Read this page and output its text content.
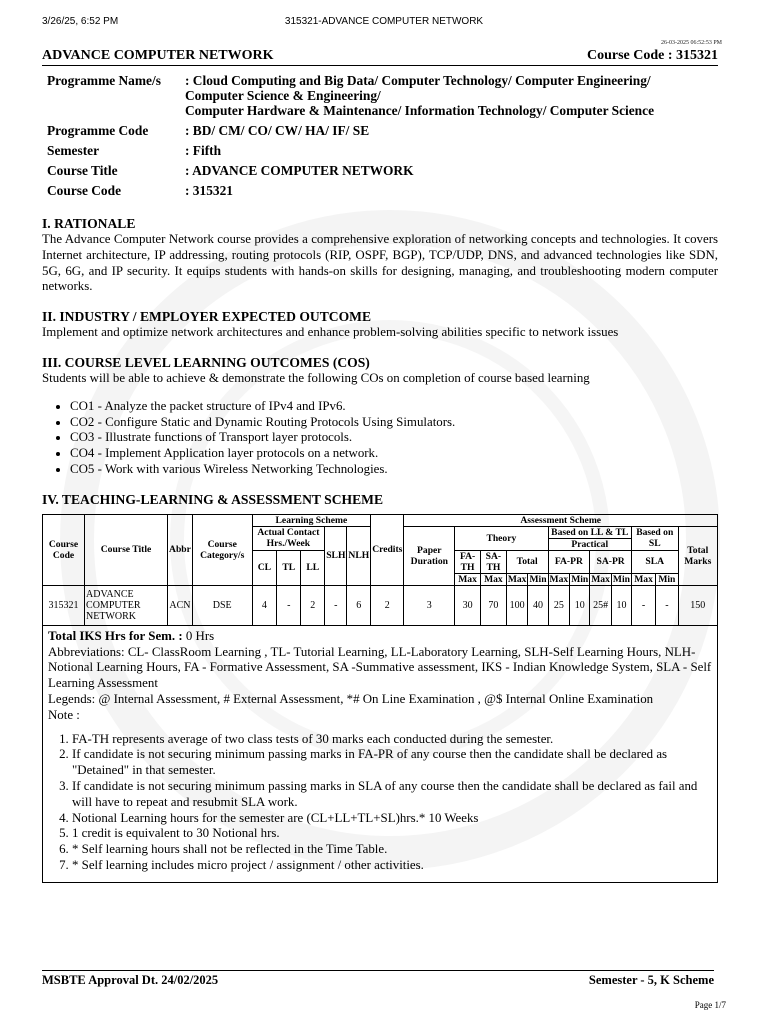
3/26/25, 6:52 PM	315321-ADVANCE COMPUTER NETWORK
26-03-2025 06:52:53 PM
ADVANCE COMPUTER NETWORK	Course Code : 315321
Programme Name/s	: Cloud Computing and Big Data/ Computer Technology/ Computer Engineering/
Computer Science & Engineering/
Computer Hardware & Maintenance/ Information Technology/ Computer Science

Programme Code	: BD/ CM/ CO/ CW/ HA/ IF/ SE
Semester	: Fifth
Course Title	: ADVANCE COMPUTER NETWORK
Course Code	: 315321
I. RATIONALE

The Advance Computer Network course provides a comprehensive exploration of networking concepts and technologies. It covers Internet architecture, IP addressing, routing protocols (RIP, OSPF, BGP), TCP/UDP, DNS, and advanced technologies like SDN, 5G, 6G, and IP security. It equips students with hands-on skills for designing, managing, and troubleshooting modern computer networks.

II. INDUSTRY / EMPLOYER EXPECTED OUTCOME

Implement and optimize network architectures and enhance problem-solving abilities specific to network issues

III. COURSE LEVEL LEARNING OUTCOMES (COS)

Students will be able to achieve & demonstrate the following COs on completion of course based learning

• CO1 - Analyze the packet structure of IPv4 and IPv6.
• CO2 - Configure Static and Dynamic Routing Protocols Using Simulators.
• CO3 - Illustrate functions of Transport layer protocols.
• CO4 - Implement Application layer protocols on a network.
• CO5 - Work with various Wireless Networking Technologies.
IV. TEACHING-LEARNING & ASSESSMENT SCHEME
Course Code	Course Title	Abbr	Course Category/s	Learning Scheme					Credits	Assessment Scheme											
				Actual Contact Hrs./Week			SLH	NLH		Paper Duration	Theory				Based on LL & TL				Based on SL		Total Marks
															Practical						
				CL	TL	LL					FA-TH	SA-TH	Total		FA-PR		SA-PR		SLA		
											Max	Max	Max	Min	Max	Min	Max	Min	Max	Min	
315321	ADVANCE COMPUTER NETWORK	ACN	DSE	4	-	2	-	6	2	3	30	70	100	40	25	10	25#	10	-	-	150
Total IKS Hrs for Sem. : 0 Hrs
Abbreviations: CL- ClassRoom Learning , TL- Tutorial Learning, LL-Laboratory Learning, SLH-Self Learning Hours, NLH-Notional Learning Hours, FA - Formative Assessment, SA -Summative assessment, IKS - Indian Knowledge System, SLA - Self Learning Assessment
Legends: @ Internal Assessment, # External Assessment, *# On Line Examination , @$ Internal Online Examination
Note :
1. FA-TH represents average of two class tests of 30 marks each conducted during the semester.
2. If candidate is not securing minimum passing marks in FA-PR of any course then the candidate shall be declared as "Detained" in that semester.
3. If candidate is not securing minimum passing marks in SLA of any course then the candidate shall be declared as fail and will have to repeat and resubmit SLA work.
4. Notional Learning hours for the semester are (CL+LL+TL+SL)hrs.* 10 Weeks
5. 1 credit is equivalent to 30 Notional hrs.
6. * Self learning hours shall not be reflected in the Time Table.
7. * Self learning includes micro project / assignment / other activities.
MSBTE Approval Dt. 24/02/2025	Semester - 5, K Scheme
Page 1/7
